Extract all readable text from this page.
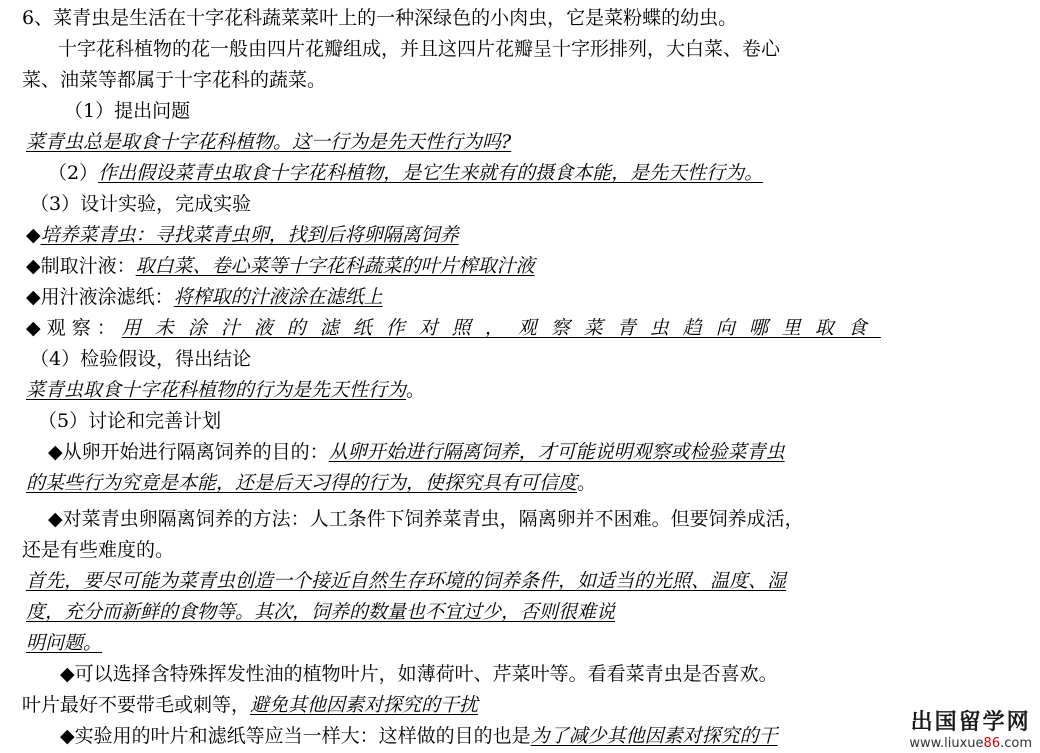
6、菜青虫是生活在十字花科蔬菜菜叶上的一种深绿色的小肉虫，它是菜粉蝶的幼虫。
十字花科植物的花一般由四片花瓣组成，并且这四片花瓣呈十字形排列，大白菜、卷心
菜、油菜等都属于十字花科的蔬菜。
（1）提出问题
菜青虫总是取食十字花科植物。这一行为是先天性行为吗?
（2）作出假设菜青虫取食十字花科植物，是它生来就有的摄食本能，是先天性行为。
（3）设计实验，完成实验
◆培养菜青虫：寻找菜青虫卵，找到后将卵隔离饲养
◆制取汁液：取白菜、卷心菜等十字花科蔬菜的叶片榨取汁液
◆用汁液涂滤纸：将榨取的汁液涂在滤纸上
◆ 观 察 ： 用未涂汁液的滤纸作对照，观察菜青虫趋向哪里取食
（4）检验假设，得出结论
菜青虫取食十字花科植物的行为是先天性行为。
（5）讨论和完善计划
◆从卵开始进行隔离饲养的目的：从卵开始进行隔离饲养，才可能说明观察或检验菜青虫
的某些行为究竟是本能，还是后天习得的行为，使探究具有可信度。
◆对菜青虫卵隔离饲养的方法：人工条件下饲养菜青虫，隔离卵并不困难。但要饲养成活，
还是有些难度的。
首先，要尽可能为菜青虫创造一个接近自然生存环境的饲养条件，如适当的光照、温度、湿
度，充分而新鲜的食物等。其次，饲养的数量也不宜过少，否则很难说
明问题。
◆可以选择含特殊挥发性油的植物叶片，如薄荷叶、芹菜叶等。看看菜青虫是否喜欢。
叶片最好不要带毛或刺等，避免其他因素对探究的干扰
◆实验用的叶片和滤纸等应当一样大：这样做的目的也是为了减少其他因素对探究的干
出国留学网
www.liuxue86.com
